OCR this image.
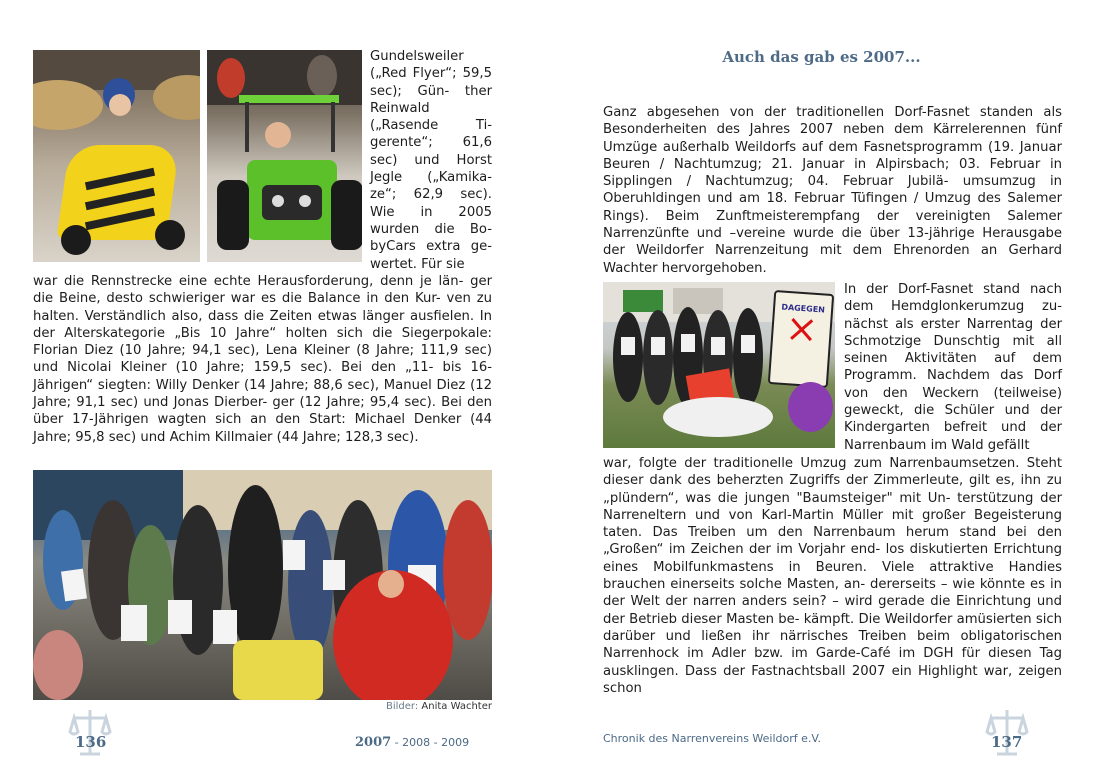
Gundelsweiler („Red Flyer“; 59,5 sec); Gün- ther Reinwald („Rasende Ti- gerente“; 61,6 sec) und Horst Jegle („Kamika- ze“; 62,9 sec). Wie in 2005 wurden die Bo- byCars extra ge- wertet. Für sie

war die Rennstrecke eine echte Herausforderung, denn je län- ger die Beine, desto schwieriger war es die Balance in den Kur- ven zu halten. Verständlich also, dass die Zeiten etwas länger ausfielen. In der Alterskategorie „Bis 10 Jahre“ holten sich die Siegerpokale: Florian Diez (10 Jahre; 94,1 sec), Lena Kleiner (8 Jahre; 111,9 sec) und Nicolai Kleiner (10 Jahre; 159,5 sec). Bei den „11- bis 16-Jährigen“ siegten: Willy Denker (14 Jahre; 88,6 sec), Manuel Diez (12 Jahre; 91,1 sec) und Jonas Dierber- ger (12 Jahre; 95,4 sec). Bei den über 17-Jährigen wagten sich an den Start: Michael Denker (44 Jahre; 95,8 sec) und Achim Killmaier (44 Jahre; 128,3 sec).

Bilder: Anita Wachter
Auch das gab es 2007...

Ganz abgesehen von der traditionellen Dorf-Fasnet standen als Besonderheiten des Jahres 2007 neben dem Kärrelerennen fünf Umzüge außerhalb Weildorfs auf dem Fasnetsprogramm (19. Januar Beuren / Nachtumzug; 21. Januar in Alpirsbach; 03. Februar in Sipplingen / Nachtumzug; 04. Februar Jubilä- umsumzug in Oberuhldingen und am 18. Februar Tüfingen / Umzug des Salemer Rings). Beim Zunftmeisterempfang der vereinigten Salemer Narrenzünfte und –vereine wurde die über 13-jährige Herausgabe der Weildorfer Narrenzeitung mit dem Ehrenorden an Gerhard Wachter hervorgehoben.

DAGEGEN

In der Dorf-Fasnet stand nach dem Hemdglonkerumzug zu- nächst als erster Narrentag der Schmotzige Dunschtig mit all seinen Aktivitäten auf dem Programm. Nachdem das Dorf von den Weckern (teilweise) geweckt, die Schüler und der Kindergarten befreit und der Narrenbaum im Wald gefällt

war, folgte der traditionelle Umzug zum Narrenbaumsetzen. Steht dieser dank des beherzten Zugriffs der Zimmerleute, gilt es, ihn zu „plündern“, was die jungen "Baumsteiger" mit Un- terstützung der Narreneltern und von Karl-Martin Müller mit großer Begeisterung taten. Das Treiben um den Narrenbaum herum stand bei den „Großen“ im Zeichen der im Vorjahr end- los diskutierten Errichtung eines Mobilfunkmastens in Beuren. Viele attraktive Handies brauchen einerseits solche Masten, an- dererseits – wie könnte es in der Welt der narren anders sein? – wird gerade die Einrichtung und der Betrieb dieser Masten be- kämpft. Die Weildorfer amüsierten sich darüber und ließen ihr närrisches Treiben beim obligatorischen Narrenhock im Adler bzw. im Garde-Café im DGH für diesen Tag ausklingen. Dass der Fastnachtsball 2007 ein Highlight war, zeigen schon

136	2007 - 2008 - 2009	Chronik des Narrenvereins Weildorf e.V.	137
